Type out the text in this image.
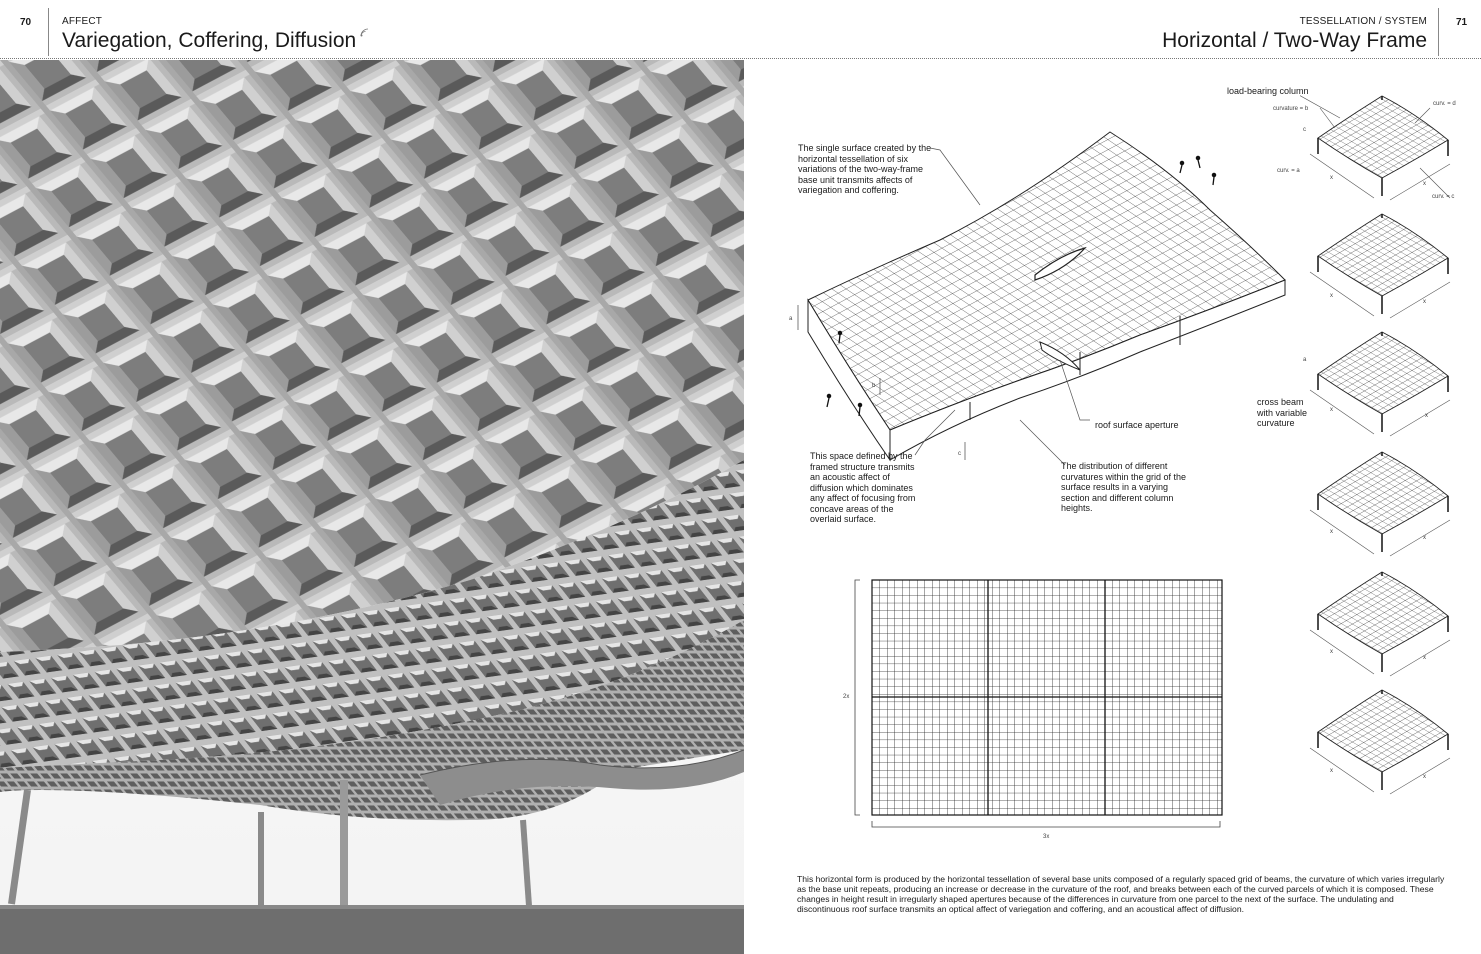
70	AFFECT
Variegation, Coffering, Diffusion
TESSELLATION / SYSTEM
Horizontal / Two-Way Frame
71
a
b
c
The single surface created by the horizontal tessellation of six variations of the two-way-frame base unit transmits affects of variegation and coffering.
load-bearing column
roof surface aperture
This space defined by the framed structure transmits an acoustic affect of diffusion which dominates any affect of focusing from concave areas of the overlaid surface.
The distribution of different curvatures within the grid of the surface results in a varying section and different column heights.
cross beam with variable curvature
curvature = b
curv. = d
c
curv. = a
curv. = c
a
x
x
x
x
x
x
x
x
x
x
x
x
2x
3x
This horizontal form is produced by the horizontal tessellation of several base units composed of a regularly spaced grid of beams, the curvature of which varies irregularly as the base unit repeats, producing an increase or decrease in the curvature of the roof, and breaks between each of the curved parcels of which it is composed. These changes in height result in irregularly shaped apertures because of the differences in curvature from one parcel to the next of the surface. The undulating and discontinuous roof surface transmits an optical affect of variegation and coffering, and an acoustical affect of diffusion.
